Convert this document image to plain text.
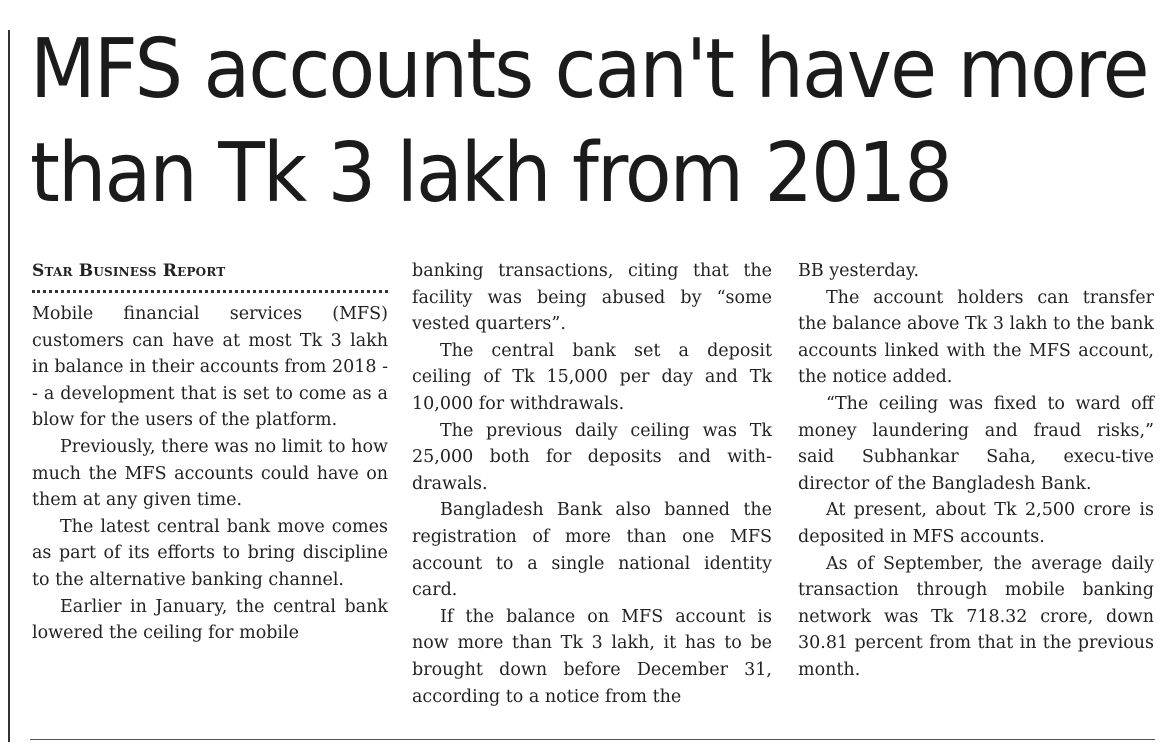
MFS accounts can't have more
than Tk 3 lakh from 2018
Star Business Report

Mobile financial services (MFS) customers can have at most Tk 3 lakh in balance in their accounts from 2018 -- a development that is set to come as a blow for the users of the platform.

Previously, there was no limit to how much the MFS accounts could have on them at any given time.

The latest central bank move comes as part of its efforts to bring discipline to the alternative banking channel.

Earlier in January, the central bank lowered the ceiling for mobile

banking transactions, citing that the facility was being abused by “some vested quarters”.

The central bank set a deposit ceiling of Tk 15,000 per day and Tk 10,000 for withdrawals.

The previous daily ceiling was Tk 25,000 both for deposits and with-drawals.

Bangladesh Bank also banned the registration of more than one MFS account to a single national identity card.

If the balance on MFS account is now more than Tk 3 lakh, it has to be brought down before December 31, according to a notice from the

BB yesterday.

The account holders can transfer the balance above Tk 3 lakh to the bank accounts linked with the MFS account, the notice added.

“The ceiling was fixed to ward off money laundering and fraud risks,” said Subhankar Saha, execu-tive director of the Bangladesh Bank.

At present, about Tk 2,500 crore is deposited in MFS accounts.

As of September, the average daily transaction through mobile banking network was Tk 718.32 crore, down 30.81 percent from that in the previous month.
